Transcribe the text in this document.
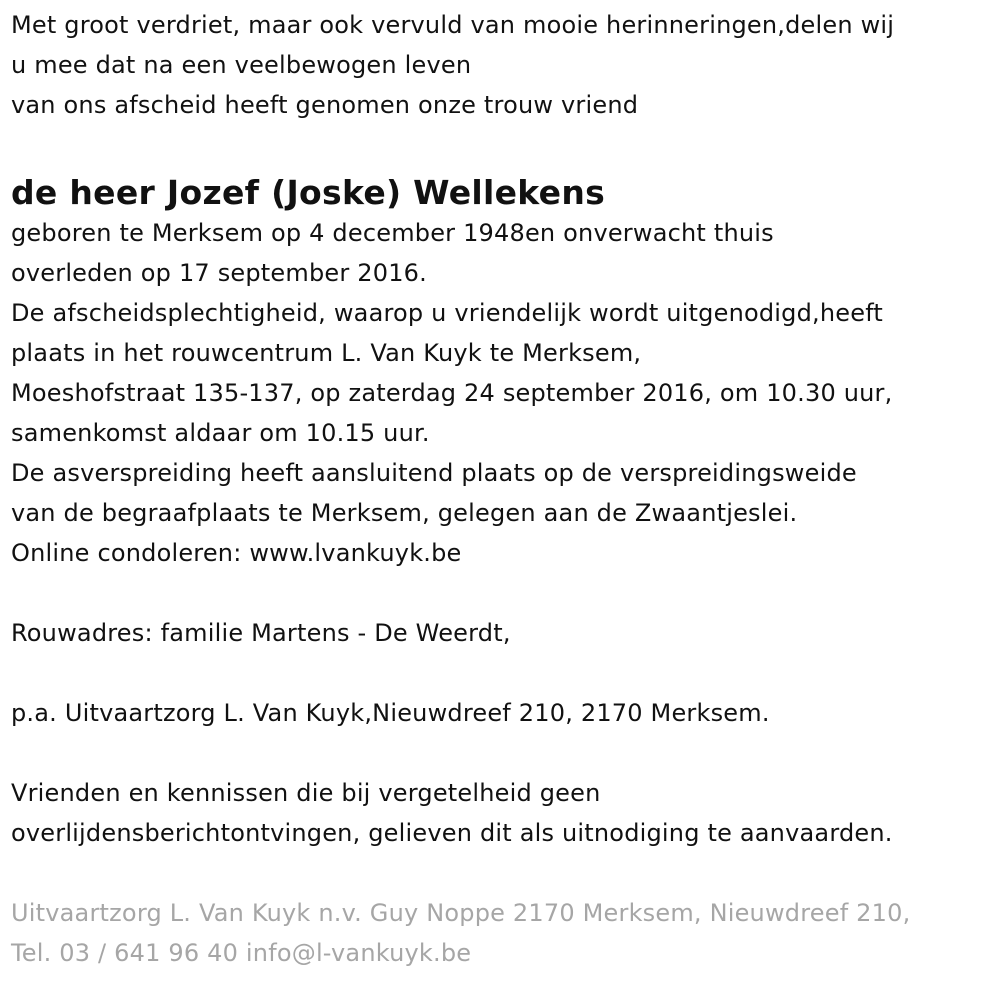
Met groot verdriet, maar ook vervuld van mooie herinneringen,delen wij
u mee dat na een veelbewogen leven
van ons afscheid heeft genomen onze trouw vriend
de heer Jozef (Joske) Wellekens
geboren te Merksem op 4 december 1948en onverwacht thuis
overleden op 17 september 2016.
De afscheidsplechtigheid, waarop u vriendelijk wordt uitgenodigd,heeft
plaats in het rouwcentrum L. Van Kuyk te Merksem,
Moeshofstraat 135-137, op zaterdag 24 september 2016, om 10.30 uur,
samenkomst aldaar om 10.15 uur.
De asverspreiding heeft aansluitend plaats op de verspreidingsweide
van de begraafplaats te Merksem, gelegen aan de Zwaantjeslei.
Online condoleren: www.lvankuyk.be
Rouwadres: familie Martens - De Weerdt,
p.a. Uitvaartzorg L. Van Kuyk,Nieuwdreef 210, 2170 Merksem.
Vrienden en kennissen die bij vergetelheid geen
overlijdensberichtontvingen, gelieven dit als uitnodiging te aanvaarden.
Uitvaartzorg L. Van Kuyk n.v. Guy Noppe 2170 Merksem, Nieuwdreef 210,
Tel. 03 / 641 96 40 info@l-vankuyk.be
